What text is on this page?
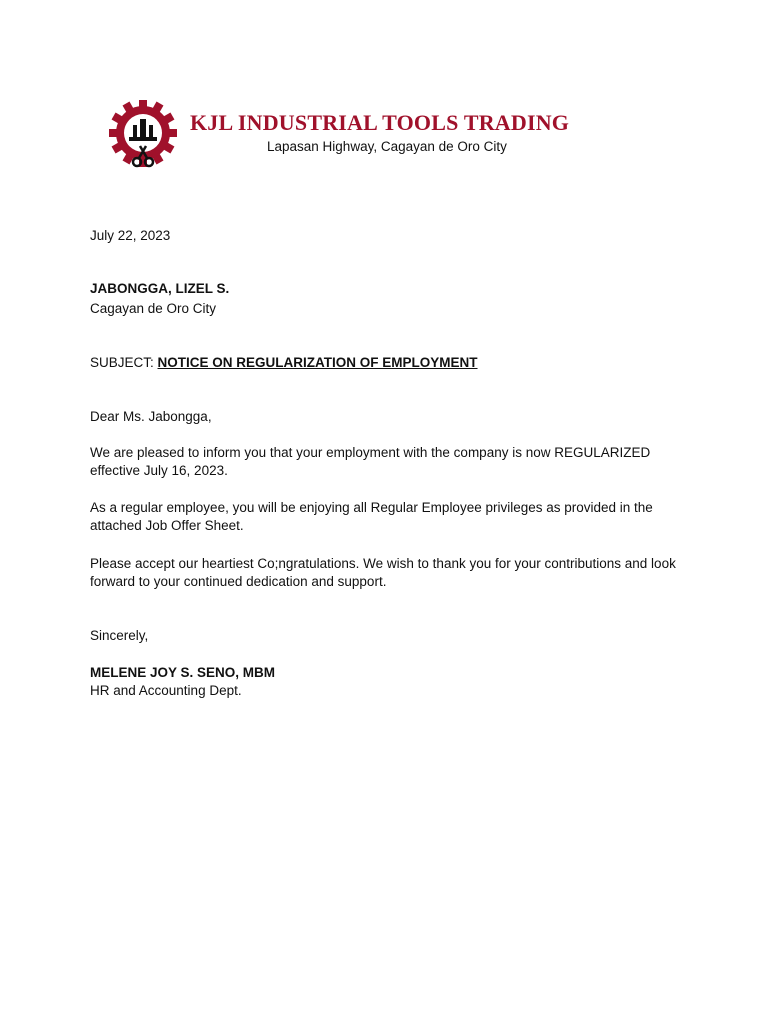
KJL INDUSTRIAL TOOLS TRADING
Lapasan Highway, Cagayan de Oro City
July 22, 2023
JABONGGA, LIZEL S.
Cagayan de Oro City
SUBJECT: NOTICE ON REGULARIZATION OF EMPLOYMENT
Dear Ms. Jabongga,
We are pleased to inform you that your employment with the company is now REGULARIZED effective July 16, 2023.
As a regular employee, you will be enjoying all Regular Employee privileges as provided in the attached Job Offer Sheet.
Please accept our heartiest Co;ngratulations. We wish to thank you for your contributions and look forward to your continued dedication and support.
Sincerely,
MELENE JOY S. SENO, MBM
HR and Accounting Dept.
